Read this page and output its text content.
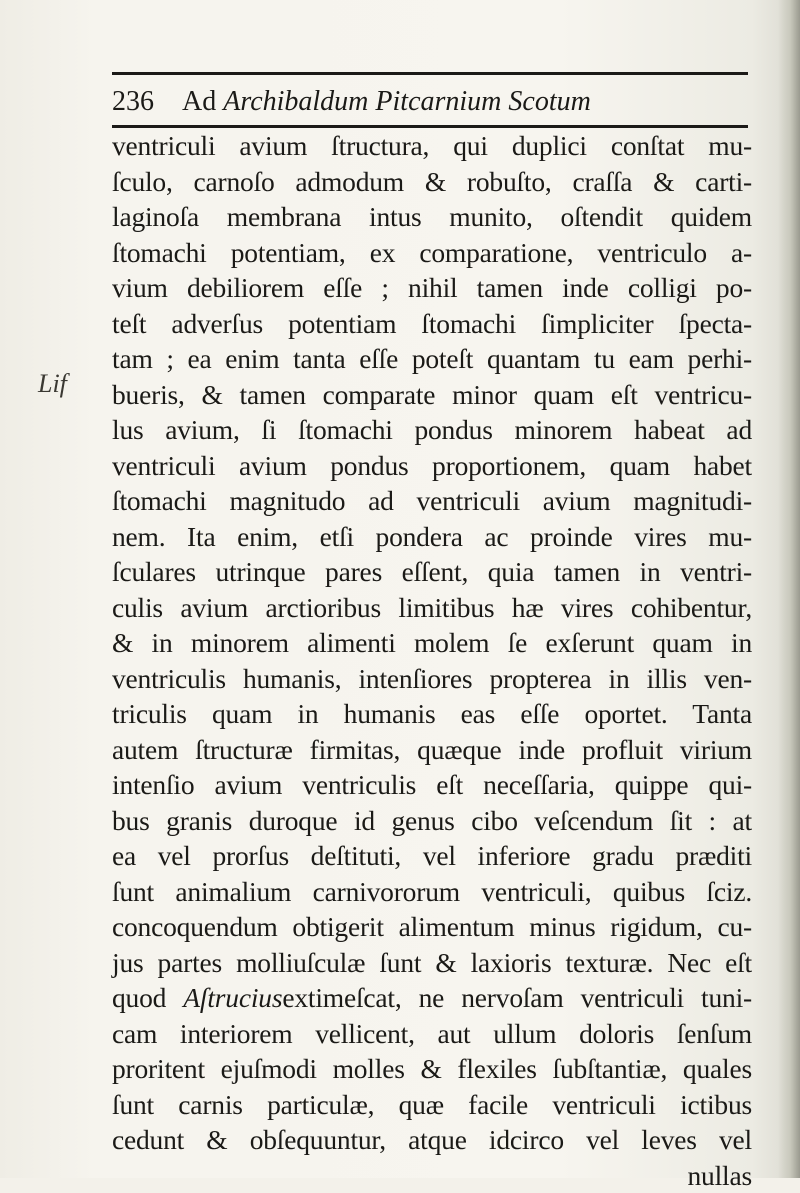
236 Ad Archibaldum Pitcarnium Scotum
Lif
ventriculi avium ſtructura, qui duplici conſtat mu-
ſculo, carnoſo admodum & robuſto, craſſa & carti-
laginoſa membrana intus munito, oſtendit quidem
ſtomachi potentiam, ex comparatione, ventriculo a-
vium debiliorem eſſe ; nihil tamen inde colligi po-
teſt adverſus potentiam ſtomachi ſimpliciter ſpecta-
tam ; ea enim tanta eſſe poteſt quantam tu eam perhi-
bueris, & tamen comparate minor quam eſt ventricu-
lus avium, ſi ſtomachi pondus minorem habeat ad
ventriculi avium pondus proportionem, quam habet
ſtomachi magnitudo ad ventriculi avium magnitudi-
nem. Ita enim, etſi pondera ac proinde vires mu-
ſculares utrinque pares eſſent, quia tamen in ventri-
culis avium arctioribus limitibus hæ vires cohibentur,
& in minorem alimenti molem ſe exſerunt quam in
ventriculis humanis, intenſiores propterea in illis ven-
triculis quam in humanis eas eſſe oportet. Tanta
autem ſtructuræ firmitas, quæque inde profluit virium
intenſio avium ventriculis eſt neceſſaria, quippe qui-
bus granis duroque id genus cibo veſcendum ſit : at
ea vel prorſus deſtituti, vel inferiore gradu præditi
ſunt animalium carnivororum ventriculi, quibus ſciz.
concoquendum obtigerit alimentum minus rigidum, cu-
jus partes molliuſculæ ſunt & laxioris texturæ. Nec eſt
quod Aſtruciusextimeſcat, ne nervoſam ventriculi tuni-
cam interiorem vellicent, aut ullum doloris ſenſum
proritent ejuſmodi molles & flexiles ſubſtantiæ, quales
ſunt carnis particulæ, quæ facile ventriculi ictibus
cedunt & obſequuntur, atque idcirco vel leves vel
nullas
